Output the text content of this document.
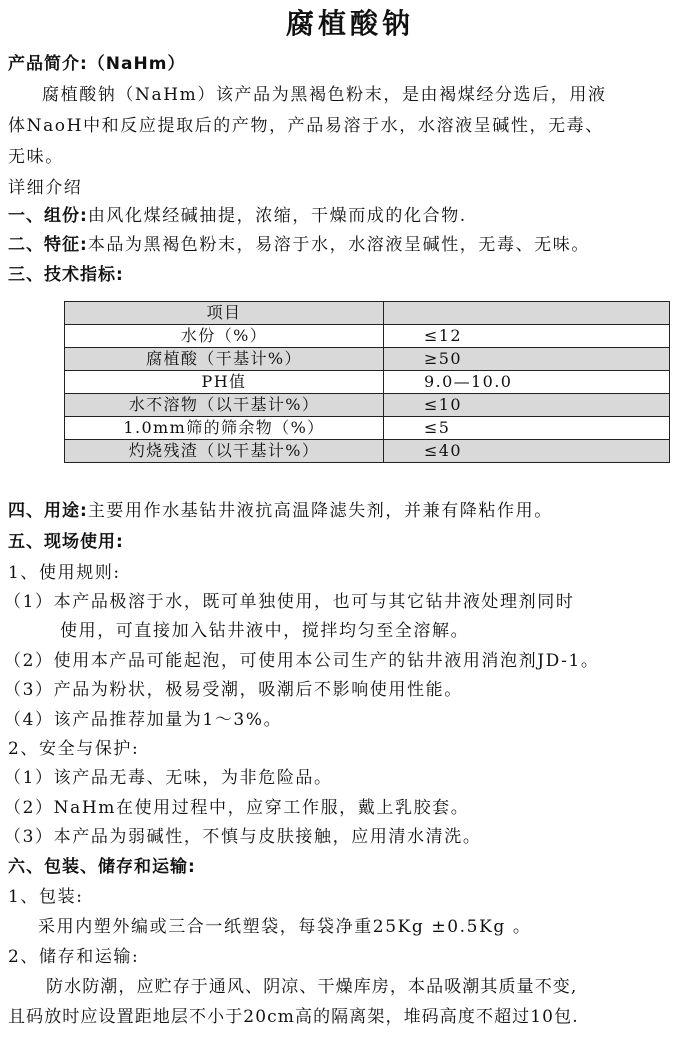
腐植酸钠
产品简介:（NaHm）
腐植酸钠（NaHm）该产品为黑褐色粉末，是由褐煤经分选后，用液
体NaoH中和反应提取后的产物，产品易溶于水，水溶液呈碱性，无毒、
无味。
详细介绍
一、组份:由风化煤经碱抽提，浓缩，干燥而成的化合物.
二、特征:本品为黑褐色粉末，易溶于水，水溶液呈碱性，无毒、无味。
三、技术指标:
项目	
水份（%）	≤12
腐植酸（干基计%）	≥50
PH值	9.0—10.0
水不溶物（以干基计%）	≤10
1.0mm筛的筛余物（%）	≤5
灼烧残渣（以干基计%）	≤40
四、用途:主要用作水基钻井液抗高温降滤失剂，并兼有降粘作用。
五、现场使用:
1、使用规则:
（1）本产品极溶于水，既可单独使用，也可与其它钻井液处理剂同时
使用，可直接加入钻井液中，搅拌均匀至全溶解。
（2）使用本产品可能起泡，可使用本公司生产的钻井液用消泡剂JD-1。
（3）产品为粉状，极易受潮，吸潮后不影响使用性能。
（4）该产品推荐加量为1～3%。
2、安全与保护:
（1）该产品无毒、无味，为非危险品。
（2）NaHm在使用过程中，应穿工作服，戴上乳胶套。
（3）本产品为弱碱性，不慎与皮肤接触，应用清水清洗。
六、包装、储存和运输:
1、包装:
采用内塑外编或三合一纸塑袋，每袋净重25Kg ±0.5Kg 。
2、储存和运输:
防水防潮，应贮存于通风、阴凉、干燥库房，本品吸潮其质量不变,
且码放时应设置距地层不小于20cm高的隔离架，堆码高度不超过10包.
